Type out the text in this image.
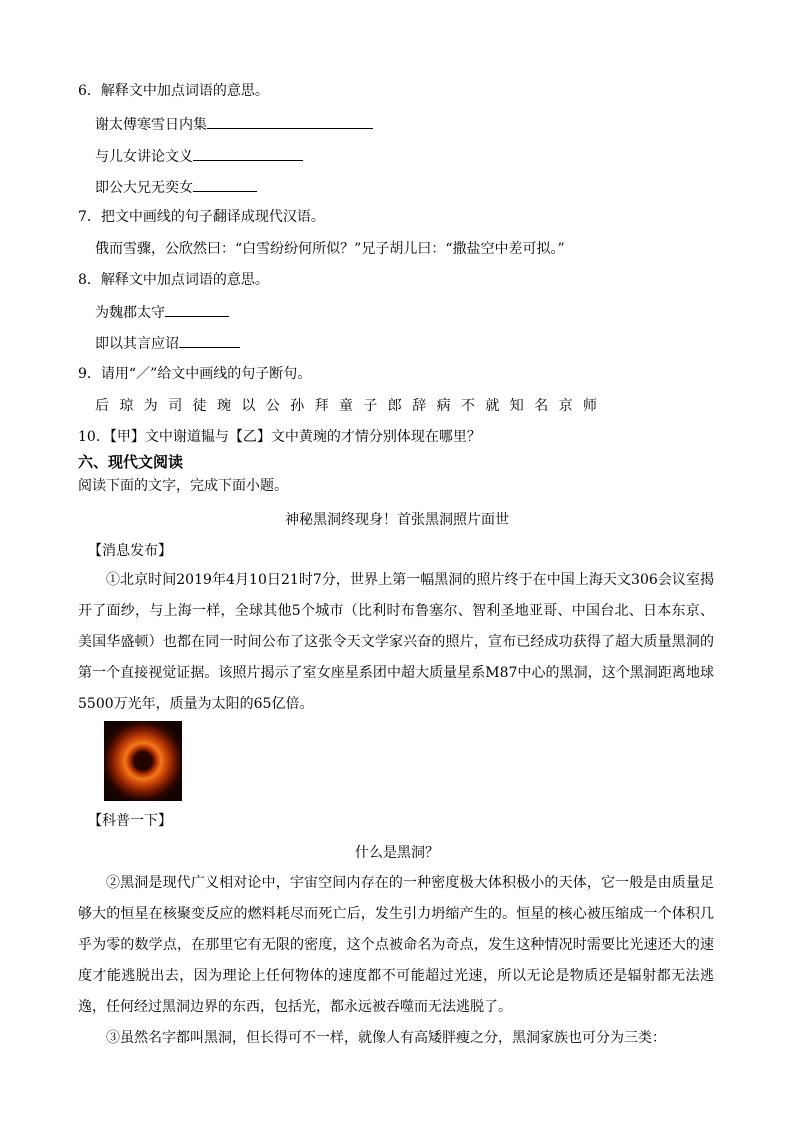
6．解释文中加点词语的意思。
谢太傅寒雪日内集
与儿女讲论文义
即公大兄无奕女
7．把文中画线的句子翻译成现代汉语。
俄而雪骤，公欣然曰：“白雪纷纷何所似？”兄子胡儿曰：“撒盐空中差可拟。”
8．解释文中加点词语的意思。
为魏郡太守
即以其言应诏
9．请用“／”给文中画线的句子断句。
后琼为司徒琬以公孙拜童子郎辞病不就知名京师
10．【甲】文中谢道韫与【乙】文中黄琬的才情分别体现在哪里？
六、现代文阅读
阅读下面的文字，完成下面小题。
神秘黑洞终现身！首张黑洞照片面世
【消息发布】
①北京时间2019年4月10日21时7分，世界上第一幅黑洞的照片终于在中国上海天文306会议室揭开了面纱，与上海一样，全球其他5个城市（比利时布鲁塞尔、智利圣地亚哥、中国台北、日本东京、美国华盛顿）也都在同一时间公布了这张令天文学家兴奋的照片，宣布已经成功获得了超大质量黑洞的第一个直接视觉证据。该照片揭示了室女座星系团中超大质量星系M87中心的黑洞，这个黑洞距离地球5500万光年，质量为太阳的65亿倍。
【科普一下】
什么是黑洞？
②黑洞是现代广义相对论中，宇宙空间内存在的一种密度极大体积极小的天体，它一般是由质量足够大的恒星在核聚变反应的燃料耗尽而死亡后，发生引力坍缩产生的。恒星的核心被压缩成一个体积几乎为零的数学点，在那里它有无限的密度，这个点被命名为奇点，发生这种情况时需要比光速还大的速度才能逃脱出去，因为理论上任何物体的速度都不可能超过光速，所以无论是物质还是辐射都无法逃逸，任何经过黑洞边界的东西，包括光，都永远被吞噬而无法逃脱了。
③虽然名字都叫黑洞，但长得可不一样，就像人有高矮胖瘦之分，黑洞家族也可分为三类：
